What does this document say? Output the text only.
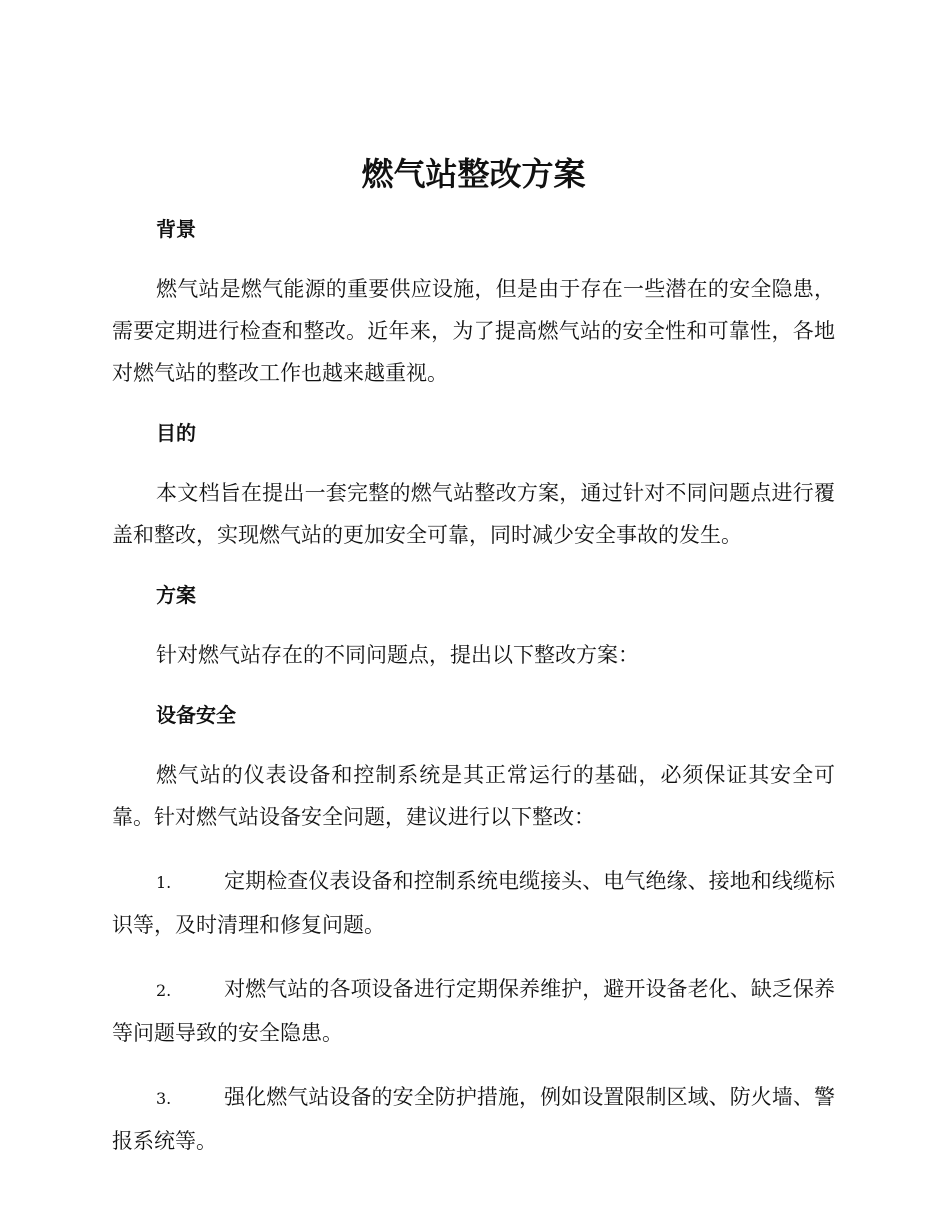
燃气站整改方案
背景

燃气站是燃气能源的重要供应设施，但是由于存在一些潜在的安全隐患，需要定期进行检查和整改。近年来，为了提高燃气站的安全性和可靠性，各地对燃气站的整改工作也越来越重视。

目的

本文档旨在提出一套完整的燃气站整改方案，通过针对不同问题点进行覆盖和整改，实现燃气站的更加安全可靠，同时减少安全事故的发生。

方案

针对燃气站存在的不同问题点，提出以下整改方案：

设备安全

燃气站的仪表设备和控制系统是其正常运行的基础，必须保证其安全可靠。针对燃气站设备安全问题，建议进行以下整改：

1.	定期检查仪表设备和控制系统电缆接头、电气绝缘、接地和线缆标识等，及时清理和修复问题。

2.	对燃气站的各项设备进行定期保养维护，避开设备老化、缺乏保养等问题导致的安全隐患。

3.	强化燃气站设备的安全防护措施，例如设置限制区域、防火墙、警报系统等。
